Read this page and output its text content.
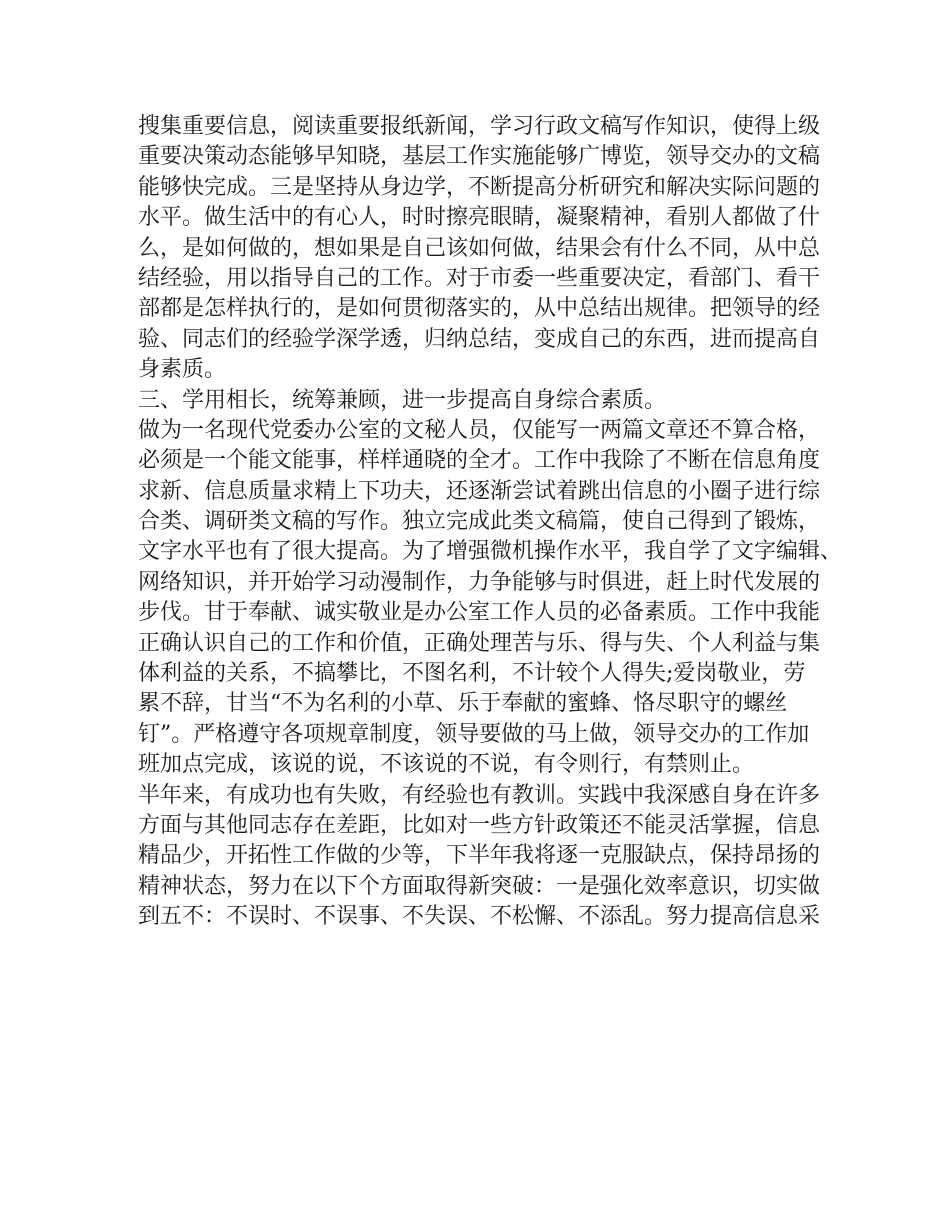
搜集重要信息，阅读重要报纸新闻，学习行政文稿写作知识，使得上级
重要决策动态能够早知晓，基层工作实施能够广博览，领导交办的文稿
能够快完成。三是坚持从身边学，不断提高分析研究和解决实际问题的
水平。做生活中的有心人，时时擦亮眼睛，凝聚精神，看别人都做了什
么，是如何做的，想如果是自己该如何做，结果会有什么不同，从中总
结经验，用以指导自己的工作。对于市委一些重要决定，看部门、看干
部都是怎样执行的，是如何贯彻落实的，从中总结出规律。把领导的经
验、同志们的经验学深学透，归纳总结，变成自己的东西，进而提高自
身素质。
三、学用相长，统筹兼顾，进一步提高自身综合素质。
做为一名现代党委办公室的文秘人员，仅能写一两篇文章还不算合格，
必须是一个能文能事，样样通晓的全才。工作中我除了不断在信息角度
求新、信息质量求精上下功夫，还逐渐尝试着跳出信息的小圈子进行综
合类、调研类文稿的写作。独立完成此类文稿篇，使自己得到了锻炼，
文字水平也有了很大提高。为了增强微机操作水平，我自学了文字编辑、
网络知识，并开始学习动漫制作，力争能够与时俱进，赶上时代发展的
步伐。甘于奉献、诚实敬业是办公室工作人员的必备素质。工作中我能
正确认识自己的工作和价值，正确处理苦与乐、得与失、个人利益与集
体利益的关系，不搞攀比，不图名利，不计较个人得失;爱岗敬业，劳
累不辞，甘当“不为名利的小草、乐于奉献的蜜蜂、恪尽职守的螺丝
钉”。严格遵守各项规章制度，领导要做的马上做，领导交办的工作加
班加点完成，该说的说，不该说的不说，有令则行，有禁则止。
半年来，有成功也有失败，有经验也有教训。实践中我深感自身在许多
方面与其他同志存在差距，比如对一些方针政策还不能灵活掌握，信息
精品少，开拓性工作做的少等，下半年我将逐一克服缺点，保持昂扬的
精神状态，努力在以下个方面取得新突破：一是强化效率意识，切实做
到五不：不误时、不误事、不失误、不松懈、不添乱。努力提高信息采
